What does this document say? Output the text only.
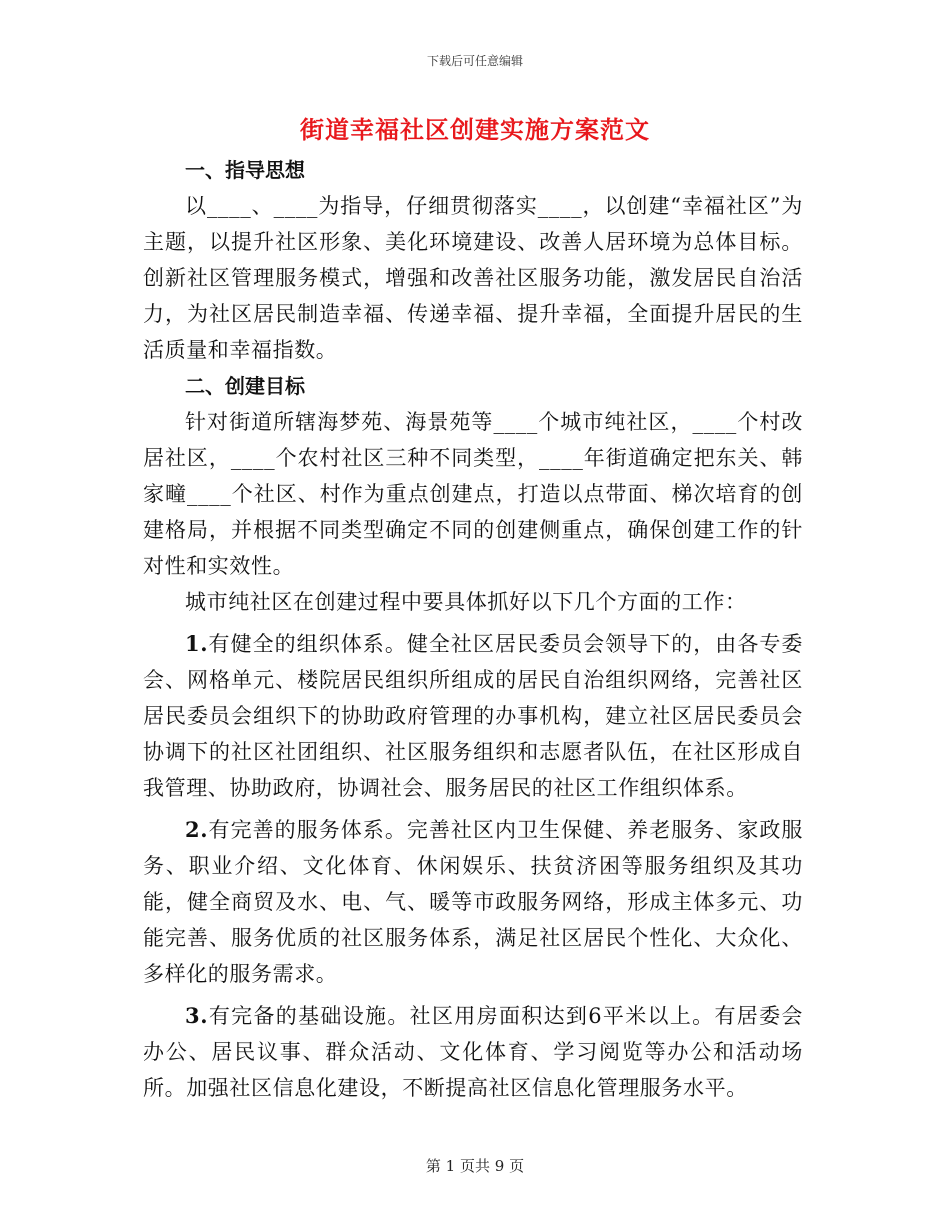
下载后可任意编辑
街道幸福社区创建实施方案范文
一、指导思想

以____、____为指导，仔细贯彻落实____，以创建“幸福社区”为主题，以提升社区形象、美化环境建设、改善人居环境为总体目标。创新社区管理服务模式，增强和改善社区服务功能，激发居民自治活力，为社区居民制造幸福、传递幸福、提升幸福，全面提升居民的生活质量和幸福指数。

二、创建目标

针对街道所辖海梦苑、海景苑等____个城市纯社区，____个村改居社区，____个农村社区三种不同类型，____年街道确定把东关、韩家疃____个社区、村作为重点创建点，打造以点带面、梯次培育的创建格局，并根据不同类型确定不同的创建侧重点，确保创建工作的针对性和实效性。

城市纯社区在创建过程中要具体抓好以下几个方面的工作：

1.有健全的组织体系。健全社区居民委员会领导下的，由各专委会、网格单元、楼院居民组织所组成的居民自治组织网络，完善社区居民委员会组织下的协助政府管理的办事机构，建立社区居民委员会协调下的社区社团组织、社区服务组织和志愿者队伍，在社区形成自我管理、协助政府，协调社会、服务居民的社区工作组织体系。

2.有完善的服务体系。完善社区内卫生保健、养老服务、家政服务、职业介绍、文化体育、休闲娱乐、扶贫济困等服务组织及其功能，健全商贸及水、电、气、暖等市政服务网络，形成主体多元、功能完善、服务优质的社区服务体系，满足社区居民个性化、大众化、多样化的服务需求。

3.有完备的基础设施。社区用房面积达到6平米以上。有居委会办公、居民议事、群众活动、文化体育、学习阅览等办公和活动场所。加强社区信息化建设，不断提高社区信息化管理服务水平。

第 1 页共 9 页
